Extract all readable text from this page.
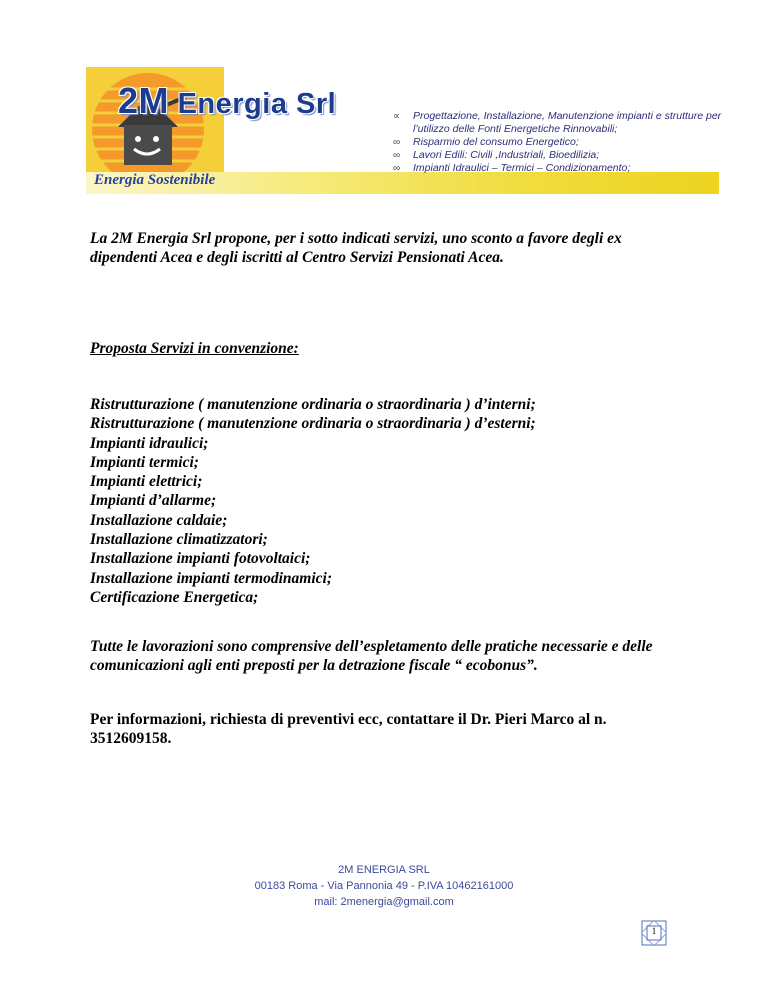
2M Energia Srl
Energia Sostenibile
∝ Progettazione, Installazione, Manutenzione impianti e strutture per l’utilizzo delle Fonti Energetiche Rinnovabili;
∞ Risparmio del consumo Energetico;
∞ Lavori Edili: Civili ,Industriali, Bioedilizia;
∞ Impianti Idraulici – Termici – Condizionamento;
La 2M Energia Srl propone, per i sotto indicati servizi, uno sconto a favore degli ex dipendenti Acea e degli iscritti al Centro Servizi Pensionati Acea.
Proposta Servizi in convenzione:
Ristrutturazione ( manutenzione ordinaria o straordinaria ) d’interni;
Ristrutturazione ( manutenzione ordinaria o straordinaria ) d’esterni;
Impianti idraulici;
Impianti termici;
Impianti elettrici;
Impianti d’allarme;
Installazione caldaie;
Installazione climatizzatori;
Installazione impianti fotovoltaici;
Installazione impianti termodinamici;
Certificazione Energetica;
Tutte le lavorazioni sono comprensive dell’espletamento delle pratiche necessarie e delle comunicazioni agli enti preposti per la detrazione fiscale “ ecobonus”.
Per informazioni, richiesta di preventivi ecc, contattare il Dr. Pieri Marco al n. 3512609158.
2M ENERGIA SRL
00183 Roma - Via Pannonia 49 - P.IVA 10462161000
mail: 2menergia@gmail.com
1
